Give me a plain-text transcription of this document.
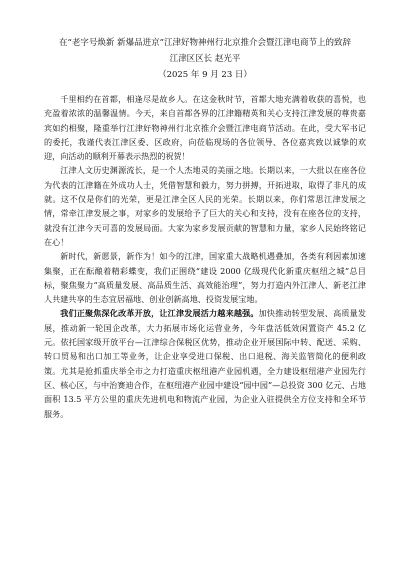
在“老字号焕新 新爆品进京”江津好物神州行北京推介会暨江津电商节上的致辞

江津区区长 赵光平

（2025 年 9 月 23 日）

千里相约在首都，相逢尽是故乡人。在这金秋时节，首都大地充满着收获的喜悦，也充盈着浓浓的温馨温情。今天，来自首都各界的江津籍精英和关心支持江津发展的尊贵嘉宾如约相聚，隆重举行江津好物神州行北京推介会暨江津电商节活动。在此，受大军书记的委托，我谨代表江津区委、区政府，向莅临现场的各位领导、各位嘉宾致以诚挚的欢迎，向活动的顺利开幕表示热烈的祝贺！

江津人文历史渊源流长，是一个人杰地灵的美丽之地。长期以来，一大批以在座各位为代表的江津籍在外成功人士，凭借智慧和毅力，努力拼搏，开拓进取，取得了非凡的成就。这不仅是你们的光荣，更是江津全区人民的光荣。长期以来，你们常思江津发展之情，常牵江津发展之事，对家乡的发展给予了巨大的关心和支持，没有在座各位的支持，就没有江津今天可喜的发展局面。大家为家乡发展贡献的智慧和力量，家乡人民始终铭记在心！

新时代，新愿景，新作为！如今的江津，国家重大战略机遇叠加，各类有利因素加速集聚，正在酝酿着精彩蝶变，我们正围绕“建设 2000 亿级现代化新重庆枢纽之城”总目标，聚焦聚力“高质量发展、高品质生活、高效能治理”，努力打造内外江津人、新老江津人共建共享的生态宜居福地、创业创新高地、投资发展宝地。

我们正聚焦深化改革开放，让江津发展活力越来越强。加快推动转型发展、高质量发展，推动新一轮国企改革，大力拓展市场化运营业务，今年盘活低效闲置资产 45.2 亿元。依托国家级开放平台—江津综合保税区优势，推动企业开展国际中转、配送、采购、转口贸易和出口加工等业务，让企业享受进口保税、出口退税、海关监管简化的便利政策。尤其是抢抓重庆举全市之力打造重庆枢纽港产业园机遇，全力建设枢纽港产业园先行区、核心区，与中治赛迪合作，在枢纽港产业园中建设“园中园”—总投资 300 亿元、占地面积 13.5 平方公里的重庆先进机电和物流产业园，为企业入驻提供全方位支持和全环节服务。
